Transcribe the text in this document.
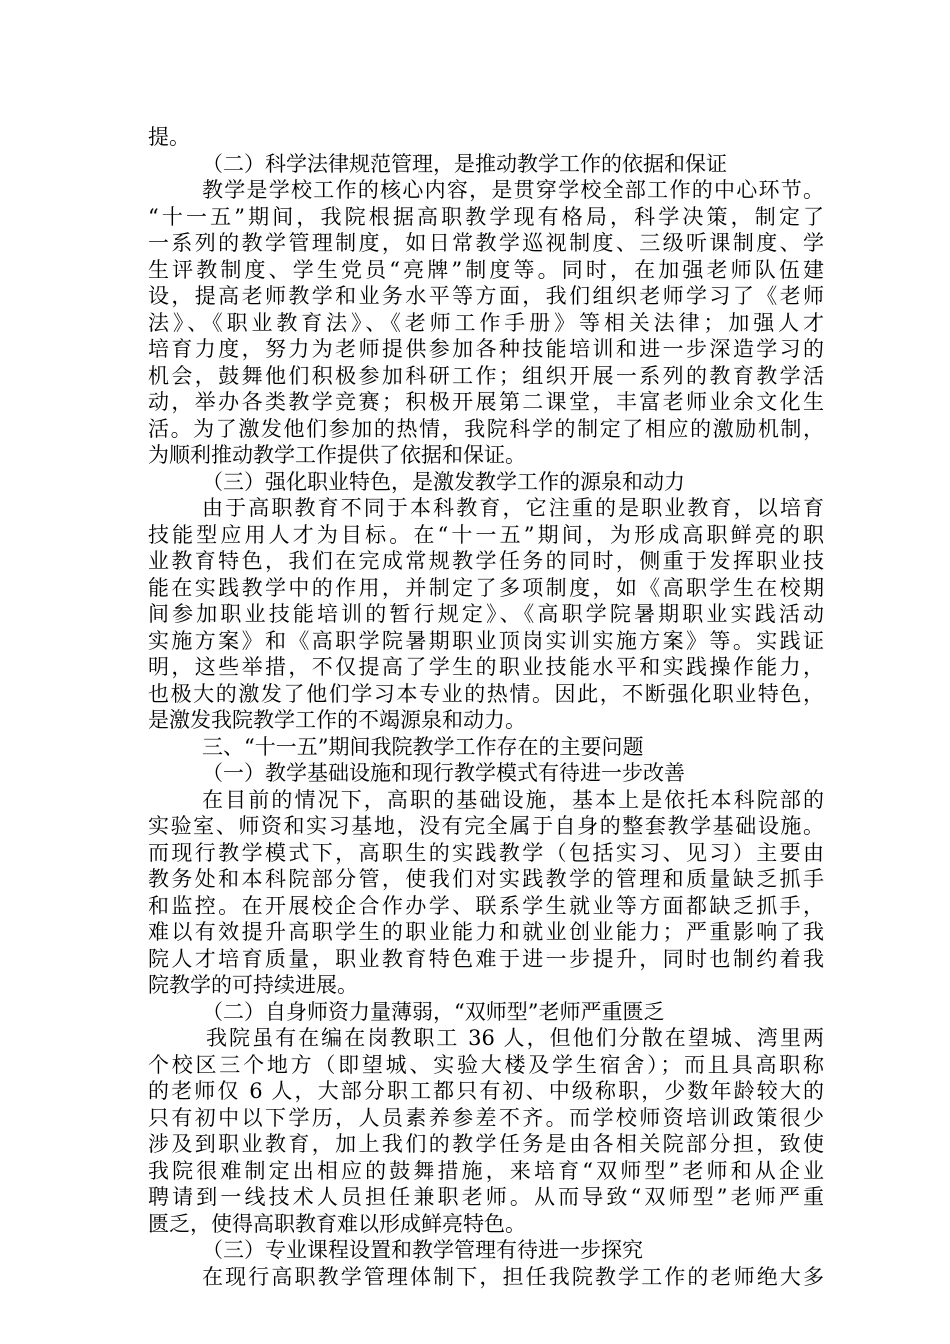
提。
（二）科学法律规范管理，是推动教学工作的依据和保证
教学是学校工作的核心内容，是贯穿学校全部工作的中心环节。
“十一五”期间，我院根据高职教学现有格局，科学决策，制定了
一系列的教学管理制度，如日常教学巡视制度、三级听课制度、学
生评教制度、学生党员“亮牌”制度等。同时，在加强老师队伍建
设，提高老师教学和业务水平等方面，我们组织老师学习了《老师
法》、《职业教育法》、《老师工作手册》等相关法律；加强人才
培育力度，努力为老师提供参加各种技能培训和进一步深造学习的
机会，鼓舞他们积极参加科研工作；组织开展一系列的教育教学活
动，举办各类教学竞赛；积极开展第二课堂，丰富老师业余文化生
活。为了激发他们参加的热情，我院科学的制定了相应的激励机制，
为顺利推动教学工作提供了依据和保证。
（三）强化职业特色，是激发教学工作的源泉和动力
由于高职教育不同于本科教育，它注重的是职业教育，以培育
技能型应用人才为目标。在“十一五”期间，为形成高职鲜亮的职
业教育特色，我们在完成常规教学任务的同时，侧重于发挥职业技
能在实践教学中的作用，并制定了多项制度，如《高职学生在校期
间参加职业技能培训的暂行规定》、《高职学院暑期职业实践活动
实施方案》和《高职学院暑期职业顶岗实训实施方案》等。实践证
明，这些举措，不仅提高了学生的职业技能水平和实践操作能力，
也极大的激发了他们学习本专业的热情。因此，不断强化职业特色，
是激发我院教学工作的不竭源泉和动力。
三、“十一五”期间我院教学工作存在的主要问题
（一）教学基础设施和现行教学模式有待进一步改善
在目前的情况下，高职的基础设施，基本上是依托本科院部的
实验室、师资和实习基地，没有完全属于自身的整套教学基础设施。
而现行教学模式下，高职生的实践教学（包括实习、见习）主要由
教务处和本科院部分管，使我们对实践教学的管理和质量缺乏抓手
和监控。在开展校企合作办学、联系学生就业等方面都缺乏抓手，
难以有效提升高职学生的职业能力和就业创业能力；严重影响了我
院人才培育质量，职业教育特色难于进一步提升，同时也制约着我
院教学的可持续进展。
（二）自身师资力量薄弱，“双师型”老师严重匮乏
我院虽有在编在岗教职工 36 人，但他们分散在望城、湾里两
个校区三个地方（即望城、实验大楼及学生宿舍）；而且具高职称
的老师仅 6 人，大部分职工都只有初、中级称职，少数年龄较大的
只有初中以下学历，人员素养参差不齐。而学校师资培训政策很少
涉及到职业教育，加上我们的教学任务是由各相关院部分担，致使
我院很难制定出相应的鼓舞措施，来培育“双师型”老师和从企业
聘请到一线技术人员担任兼职老师。从而导致“双师型”老师严重
匮乏，使得高职教育难以形成鲜亮特色。
（三）专业课程设置和教学管理有待进一步探究
在现行高职教学管理体制下，担任我院教学工作的老师绝大多
